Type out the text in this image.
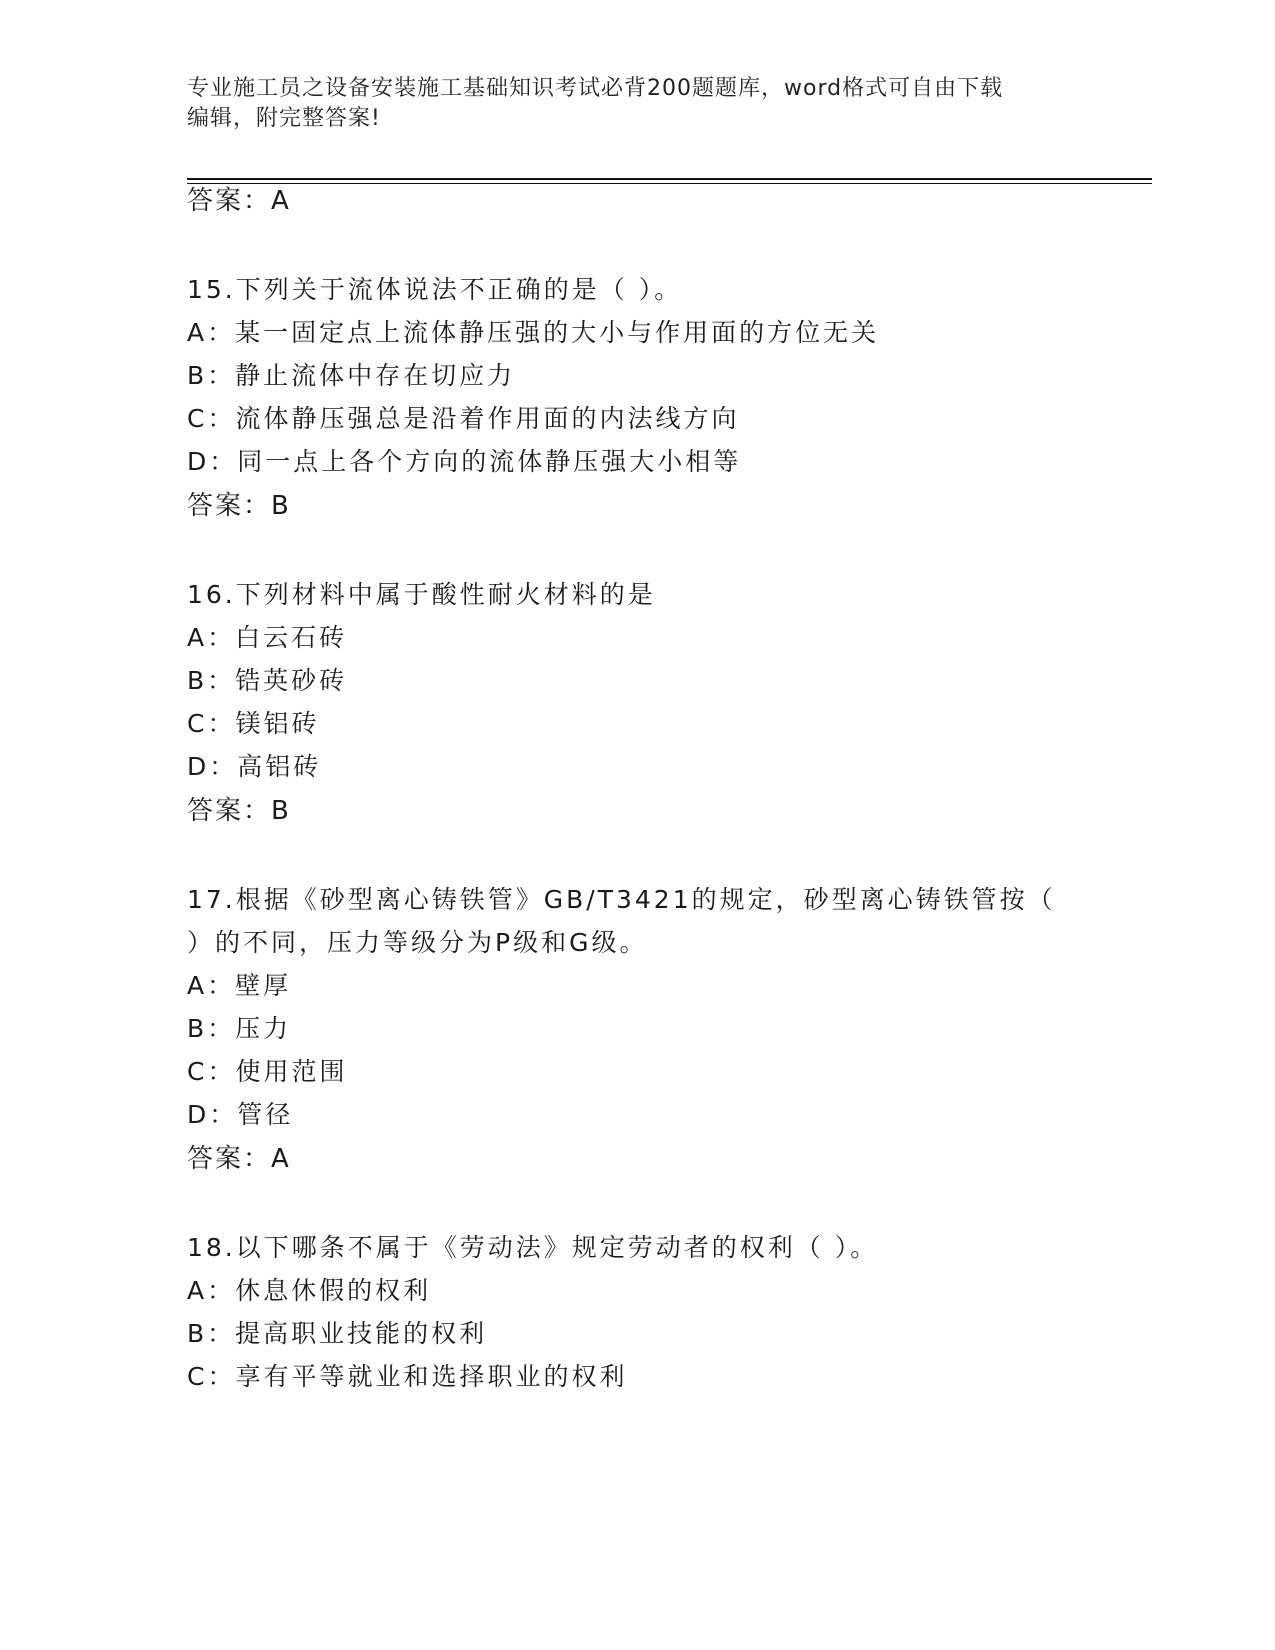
专业施工员之设备安装施工基础知识考试必背200题题库，word格式可自由下载
编辑，附完整答案!
答案：A
15.下列关于流体说法不正确的是（ ）。
A：某一固定点上流体静压强的大小与作用面的方位无关
B：静止流体中存在切应力
C：流体静压强总是沿着作用面的内法线方向
D：同一点上各个方向的流体静压强大小相等
答案：B
16.下列材料中属于酸性耐火材料的是
A：白云石砖
B：锆英砂砖
C：镁铝砖
D：高铝砖
答案：B
17.根据《砂型离心铸铁管》GB/T3421的规定，砂型离心铸铁管按（
）的不同，压力等级分为P级和G级。
A：壁厚
B：压力
C：使用范围
D：管径
答案：A
18.以下哪条不属于《劳动法》规定劳动者的权利（ ）。
A：休息休假的权利
B：提高职业技能的权利
C：享有平等就业和选择职业的权利
